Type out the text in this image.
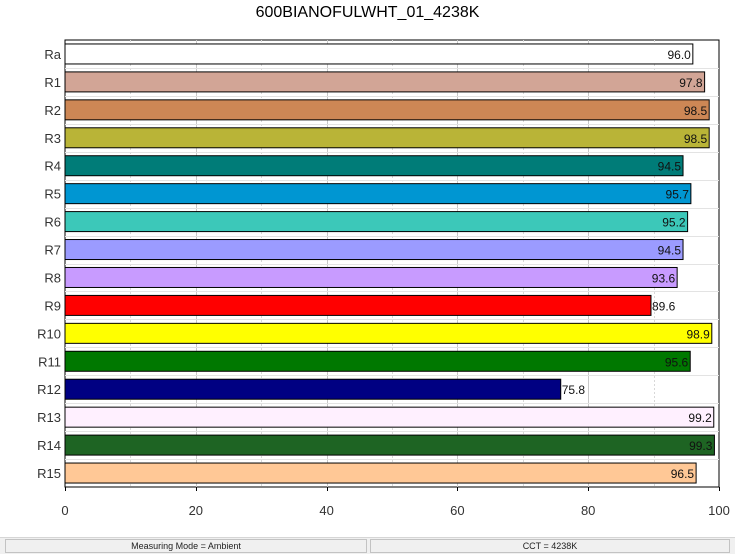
600BIANOFULWHT_01_4238K
Ra	96.0
R1	97.8
R2	98.5
R3	98.5
R4	94.5
R5	95.7
R6	95.2
R7	94.5
R8	93.6
R9	89.6
R10	98.9
R11	95.6
R12	75.8
R13	99.2
R14	99.3
R15	96.5
0	20	40	60	80	100
Measuring Mode = Ambient	CCT = 4238K
